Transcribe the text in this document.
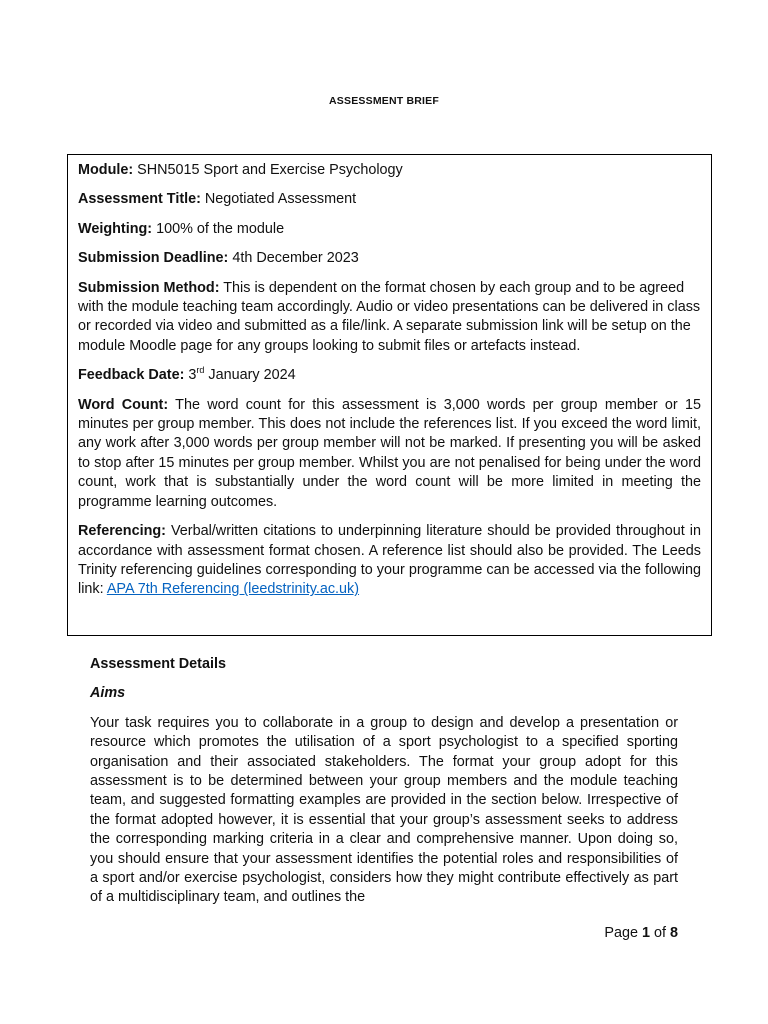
ASSESSMENT BRIEF

Module: SHN5015 Sport and Exercise Psychology

Assessment Title: Negotiated Assessment

Weighting: 100% of the module

Submission Deadline: 4th December 2023

Submission Method: This is dependent on the format chosen by each group and to be agreed with the module teaching team accordingly. Audio or video presentations can be delivered in class or recorded via video and submitted as a file/link. A separate submission link will be setup on the module Moodle page for any groups looking to submit files or artefacts instead.

Feedback Date: 3rd January 2024

Word Count: The word count for this assessment is 3,000 words per group member or 15 minutes per group member. This does not include the references list. If you exceed the word limit, any work after 3,000 words per group member will not be marked. If presenting you will be asked to stop after 15 minutes per group member. Whilst you are not penalised for being under the word count, work that is substantially under the word count will be more limited in meeting the programme learning outcomes.

Referencing: Verbal/written citations to underpinning literature should be provided throughout in accordance with assessment format chosen. A reference list should also be provided. The Leeds Trinity referencing guidelines corresponding to your programme can be accessed via the following link: APA 7th Referencing (leedstrinity.ac.uk)

Assessment Details

Aims

Your task requires you to collaborate in a group to design and develop a presentation or resource which promotes the utilisation of a sport psychologist to a specified sporting organisation and their associated stakeholders. The format your group adopt for this assessment is to be determined between your group members and the module teaching team, and suggested formatting examples are provided in the section below. Irrespective of the format adopted however, it is essential that your group’s assessment seeks to address the corresponding marking criteria in a clear and comprehensive manner. Upon doing so, you should ensure that your assessment identifies the potential roles and responsibilities of a sport and/or exercise psychologist, considers how they might contribute effectively as part of a multidisciplinary team, and outlines the

Page 1 of 8
